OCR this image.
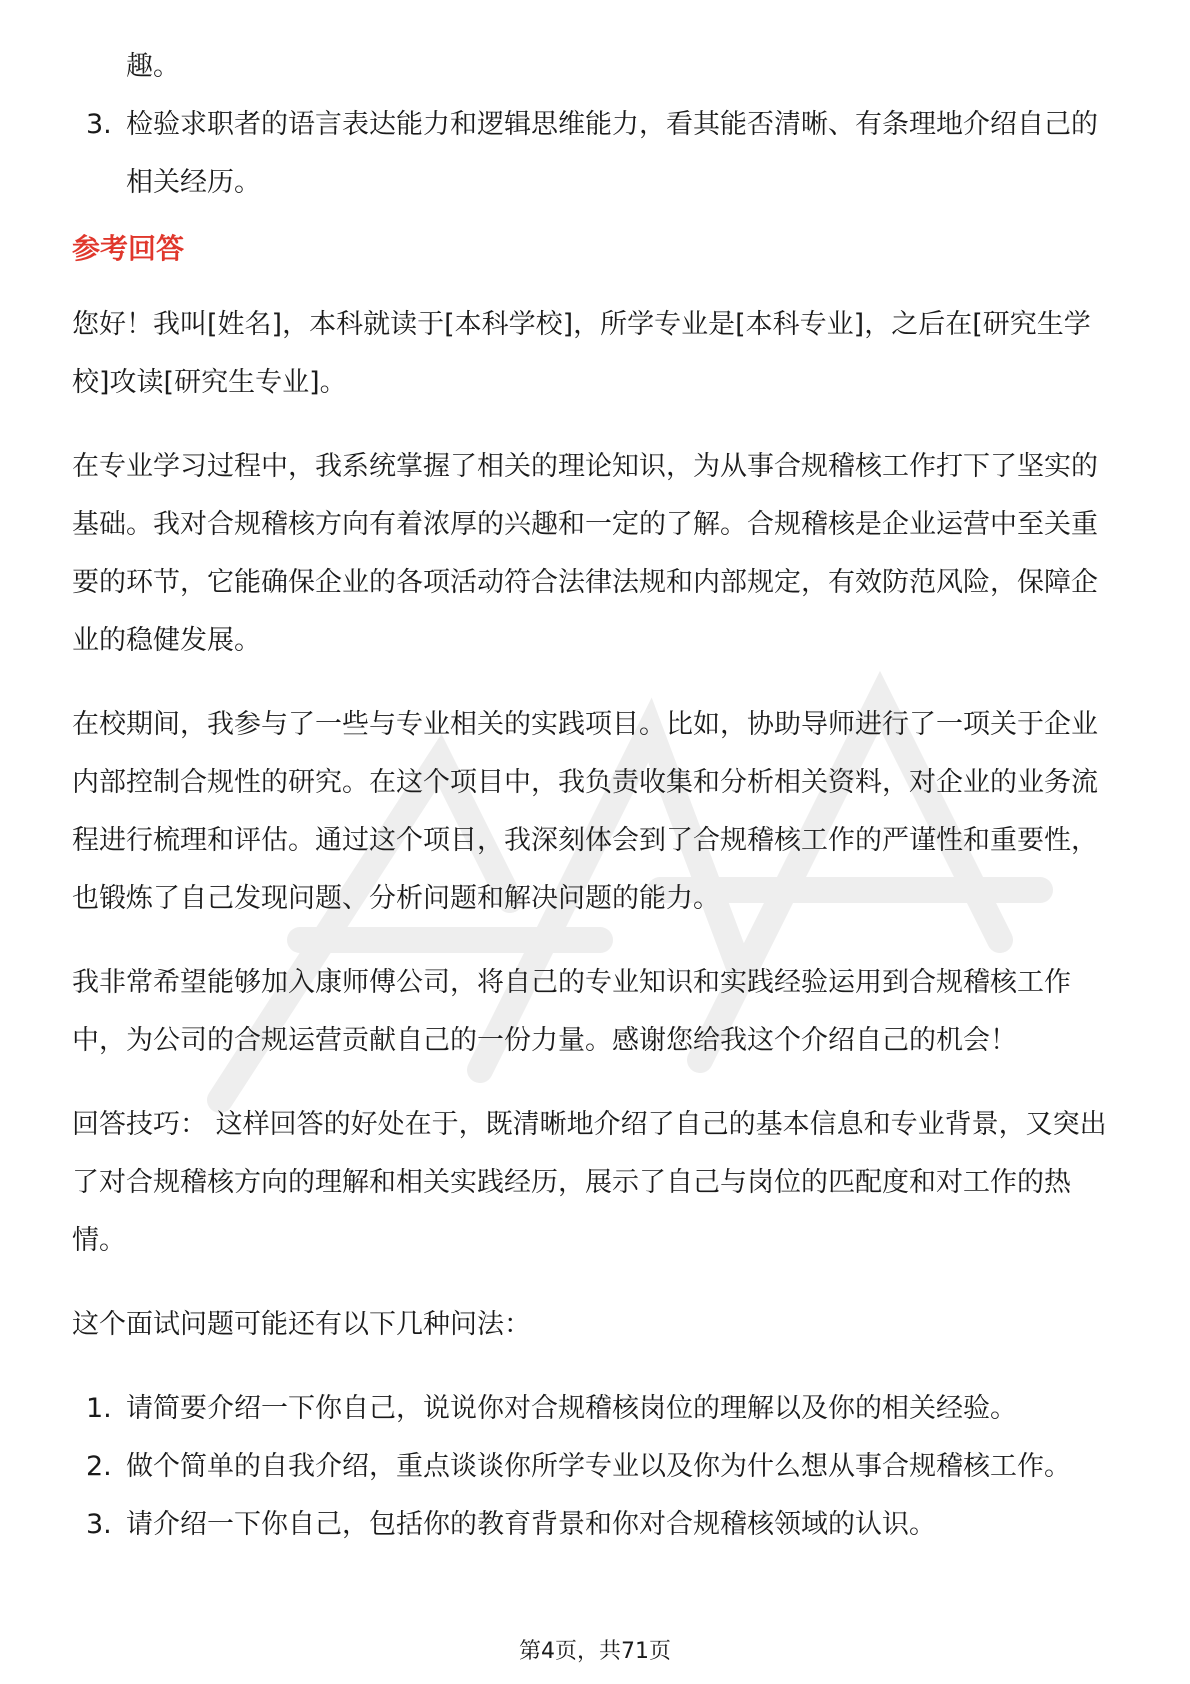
趣。
3. 检验求职者的语言表达能力和逻辑思维能力，看其能否清晰、有条理地介绍自己的相关经历。
参考回答

您好！我叫[姓名]，本科就读于[本科学校]，所学专业是[本科专业]，之后在[研究生学校]攻读[研究生专业]。

在专业学习过程中，我系统掌握了相关的理论知识，为从事合规稽核工作打下了坚实的基础。我对合规稽核方向有着浓厚的兴趣和一定的了解。合规稽核是企业运营中至关重要的环节，它能确保企业的各项活动符合法律法规和内部规定，有效防范风险，保障企业的稳健发展。

在校期间，我参与了一些与专业相关的实践项目。比如，协助导师进行了一项关于企业内部控制合规性的研究。在这个项目中，我负责收集和分析相关资料，对企业的业务流程进行梳理和评估。通过这个项目，我深刻体会到了合规稽核工作的严谨性和重要性，也锻炼了自己发现问题、分析问题和解决问题的能力。

我非常希望能够加入康师傅公司，将自己的专业知识和实践经验运用到合规稽核工作中，为公司的合规运营贡献自己的一份力量。感谢您给我这个介绍自己的机会！

回答技巧： 这样回答的好处在于，既清晰地介绍了自己的基本信息和专业背景，又突出了对合规稽核方向的理解和相关实践经历，展示了自己与岗位的匹配度和对工作的热情。

这个面试问题可能还有以下几种问法：

1. 请简要介绍一下你自己，说说你对合规稽核岗位的理解以及你的相关经验。
2. 做个简单的自我介绍，重点谈谈你所学专业以及你为什么想从事合规稽核工作。
3. 请介绍一下你自己，包括你的教育背景和你对合规稽核领域的认识。
第4页，共71页
